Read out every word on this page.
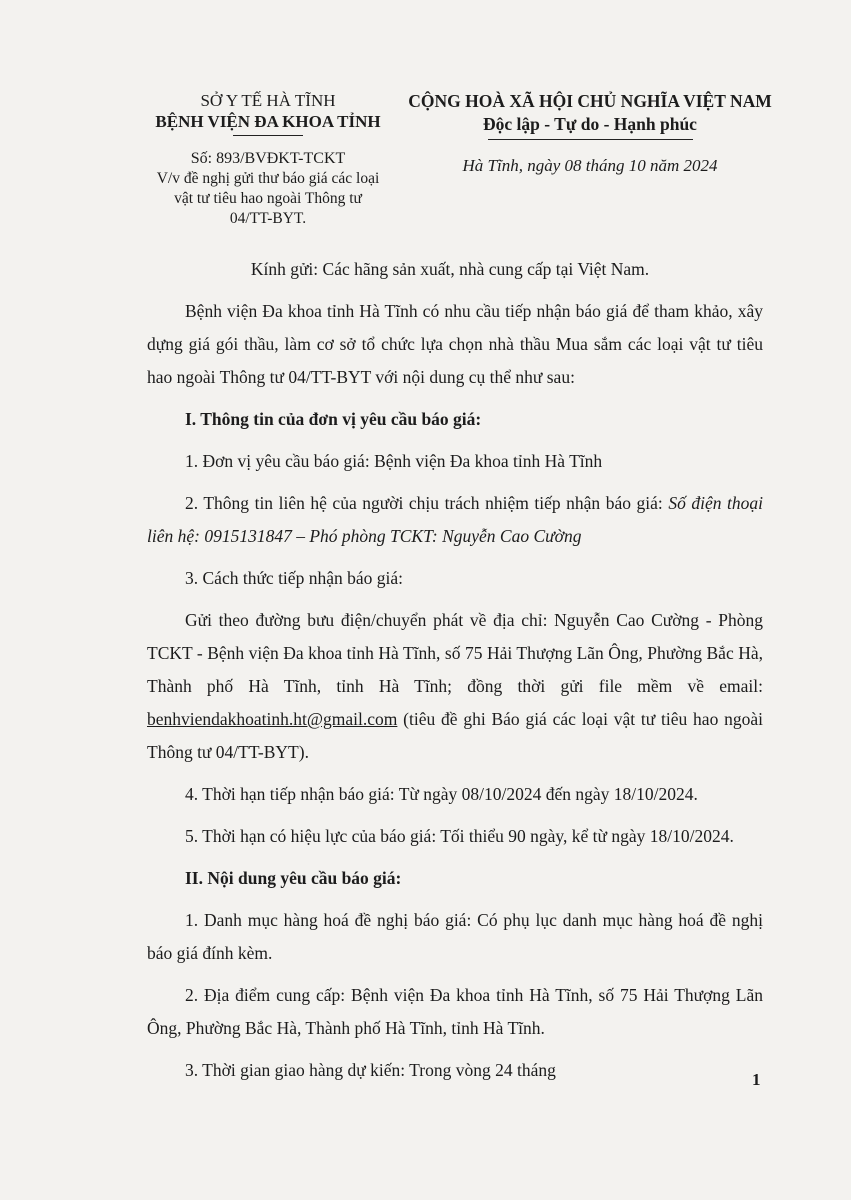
SỞ Y TẾ HÀ TĨNH
BỆNH VIỆN ĐA KHOA TỈNH
Số: 893/BVĐKT-TCKT
V/v đề nghị gửi thư báo giá các loại
vật tư tiêu hao ngoài Thông tư
04/TT-BYT.
CỘNG HOÀ XÃ HỘI CHỦ NGHĨA VIỆT NAM
Độc lập - Tự do - Hạnh phúc
Hà Tĩnh, ngày 08 tháng 10 năm 2024

Kính gửi: Các hãng sản xuất, nhà cung cấp tại Việt Nam.

Bệnh viện Đa khoa tỉnh Hà Tĩnh có nhu cầu tiếp nhận báo giá để tham khảo, xây dựng giá gói thầu, làm cơ sở tổ chức lựa chọn nhà thầu Mua sắm các loại vật tư tiêu hao ngoài Thông tư 04/TT-BYT với nội dung cụ thể như sau:

I. Thông tin của đơn vị yêu cầu báo giá:

1. Đơn vị yêu cầu báo giá: Bệnh viện Đa khoa tỉnh Hà Tĩnh

2. Thông tin liên hệ của người chịu trách nhiệm tiếp nhận báo giá: Số điện thoại liên hệ: 0915131847 – Phó phòng TCKT: Nguyễn Cao Cường

3. Cách thức tiếp nhận báo giá:

Gửi theo đường bưu điện/chuyển phát về địa chỉ: Nguyễn Cao Cường - Phòng TCKT - Bệnh viện Đa khoa tỉnh Hà Tĩnh, số 75 Hải Thượng Lãn Ông, Phường Bắc Hà, Thành phố Hà Tĩnh, tỉnh Hà Tĩnh; đồng thời gửi file mềm về email: benhviendakhoatinh.ht@gmail.com (tiêu đề ghi Báo giá các loại vật tư tiêu hao ngoài Thông tư 04/TT-BYT).

4. Thời hạn tiếp nhận báo giá: Từ ngày 08/10/2024 đến ngày 18/10/2024.

5. Thời hạn có hiệu lực của báo giá: Tối thiểu 90 ngày, kể từ ngày 18/10/2024.

II. Nội dung yêu cầu báo giá:

1. Danh mục hàng hoá đề nghị báo giá: Có phụ lục danh mục hàng hoá đề nghị báo giá đính kèm.

2. Địa điểm cung cấp: Bệnh viện Đa khoa tỉnh Hà Tĩnh, số 75 Hải Thượng Lãn Ông, Phường Bắc Hà, Thành phố Hà Tĩnh, tỉnh Hà Tĩnh.

3. Thời gian giao hàng dự kiến: Trong vòng 24 tháng	1
